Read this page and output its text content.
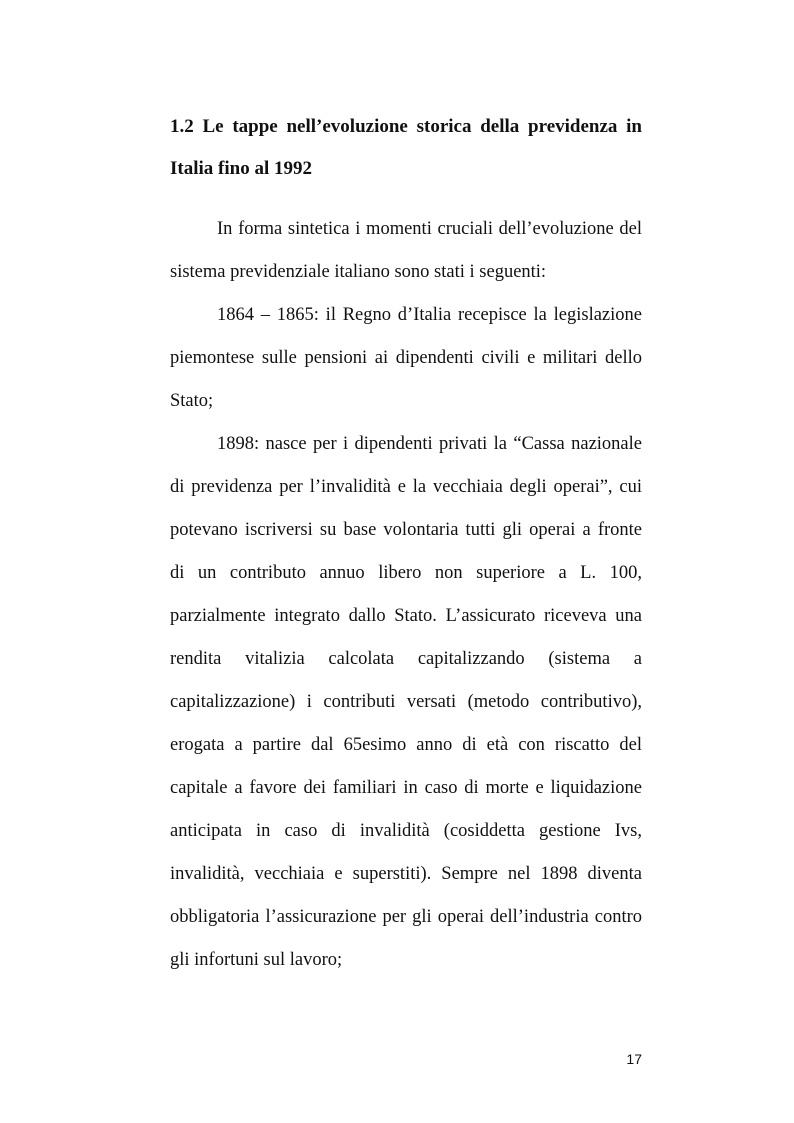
1.2 Le tappe nell’evoluzione storica della previdenza in
Italia fino al 1992
In forma sintetica i momenti cruciali dell’evoluzione del
sistema previdenziale italiano sono stati i seguenti:
1864 – 1865: il Regno d’Italia recepisce la legislazione
piemontese sulle pensioni ai dipendenti civili e militari dello
Stato;
1898: nasce per i dipendenti privati la “Cassa nazionale
di previdenza per l’invalidità e la vecchiaia degli operai”, cui
potevano iscriversi su base volontaria tutti gli operai a fronte
di un contributo annuo libero non superiore a L. 100,
parzialmente integrato dallo Stato. L’assicurato riceveva una
rendita vitalizia calcolata capitalizzando (sistema a
capitalizzazione) i contributi versati (metodo contributivo),
erogata a partire dal 65esimo anno di età con riscatto del
capitale a favore dei familiari in caso di morte e liquidazione
anticipata in caso di invalidità (cosiddetta gestione Ivs,
invalidità, vecchiaia e superstiti). Sempre nel 1898 diventa
obbligatoria l’assicurazione per gli operai dell’industria contro
gli infortuni sul lavoro;
17
